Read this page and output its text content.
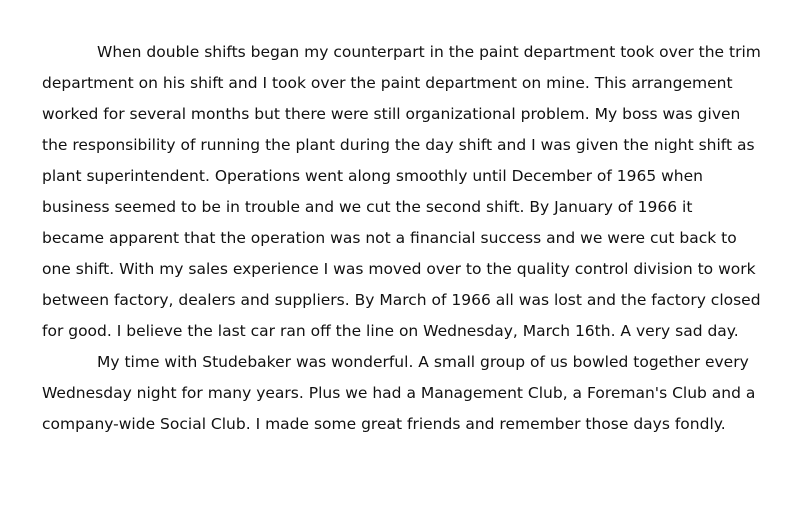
When double shifts began my counterpart in the paint department took over the trim

department on his shift and I took over the paint department on mine. This arrangement

worked for several months but there were still organizational problem. My boss was given

the responsibility of running the plant during the day shift and I was given the night shift as

plant superintendent. Operations went along smoothly until December of 1965 when

business seemed to be in trouble and we cut the second shift. By January of 1966 it

became apparent that the operation was not a financial success and we were cut back to

one shift. With my sales experience I was moved over to the quality control division to work

between factory, dealers and suppliers. By March of 1966 all was lost and the factory closed

for good. I believe the last car ran off the line on Wednesday, March 16th. A very sad day.

My time with Studebaker was wonderful. A small group of us bowled together every

Wednesday night for many years. Plus we had a Management Club, a Foreman's Club and a

company-wide Social Club. I made some great friends and remember those days fondly.
